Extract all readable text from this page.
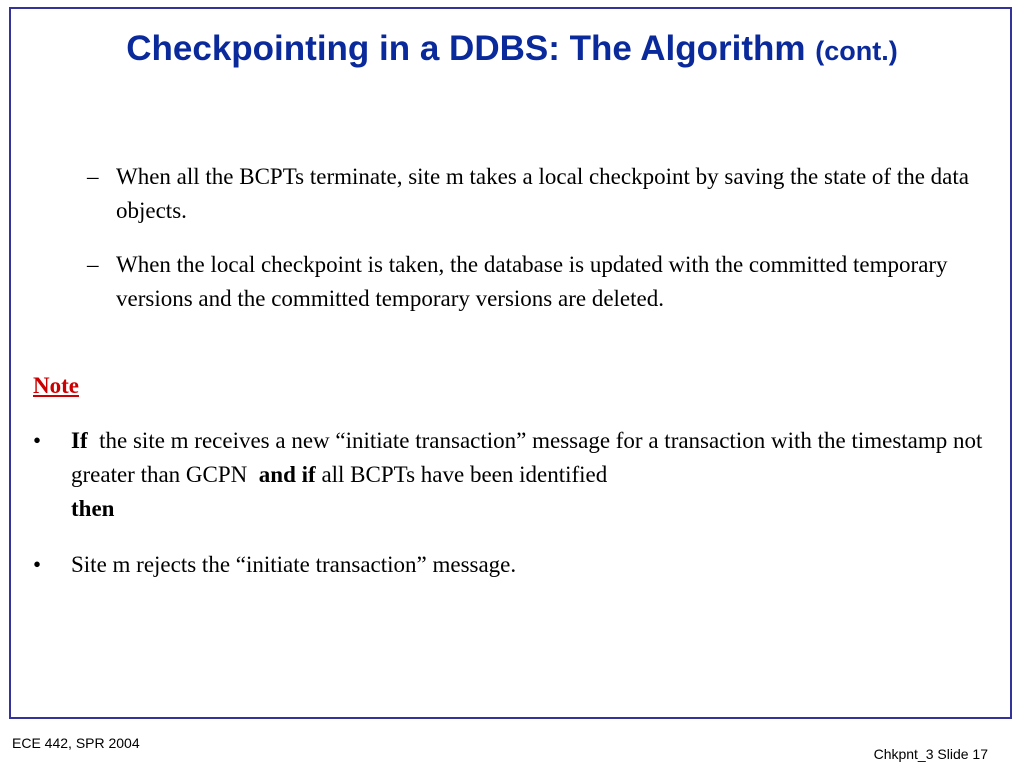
Checkpointing in a DDBS: The Algorithm (cont.)
– When all the BCPTs terminate, site m takes a local checkpoint by saving the state of the data objects.
– When the local checkpoint is taken, the database is updated with the committed temporary versions and the committed temporary versions are deleted.
Note
•	If the site m receives a new “initiate transaction” message for a transaction with the timestamp not greater than GCPN and if all BCPTs have been identified
then
•	Site m rejects the “initiate transaction” message.
ECE 442, SPR 2004
Chkpnt_3 Slide 17
